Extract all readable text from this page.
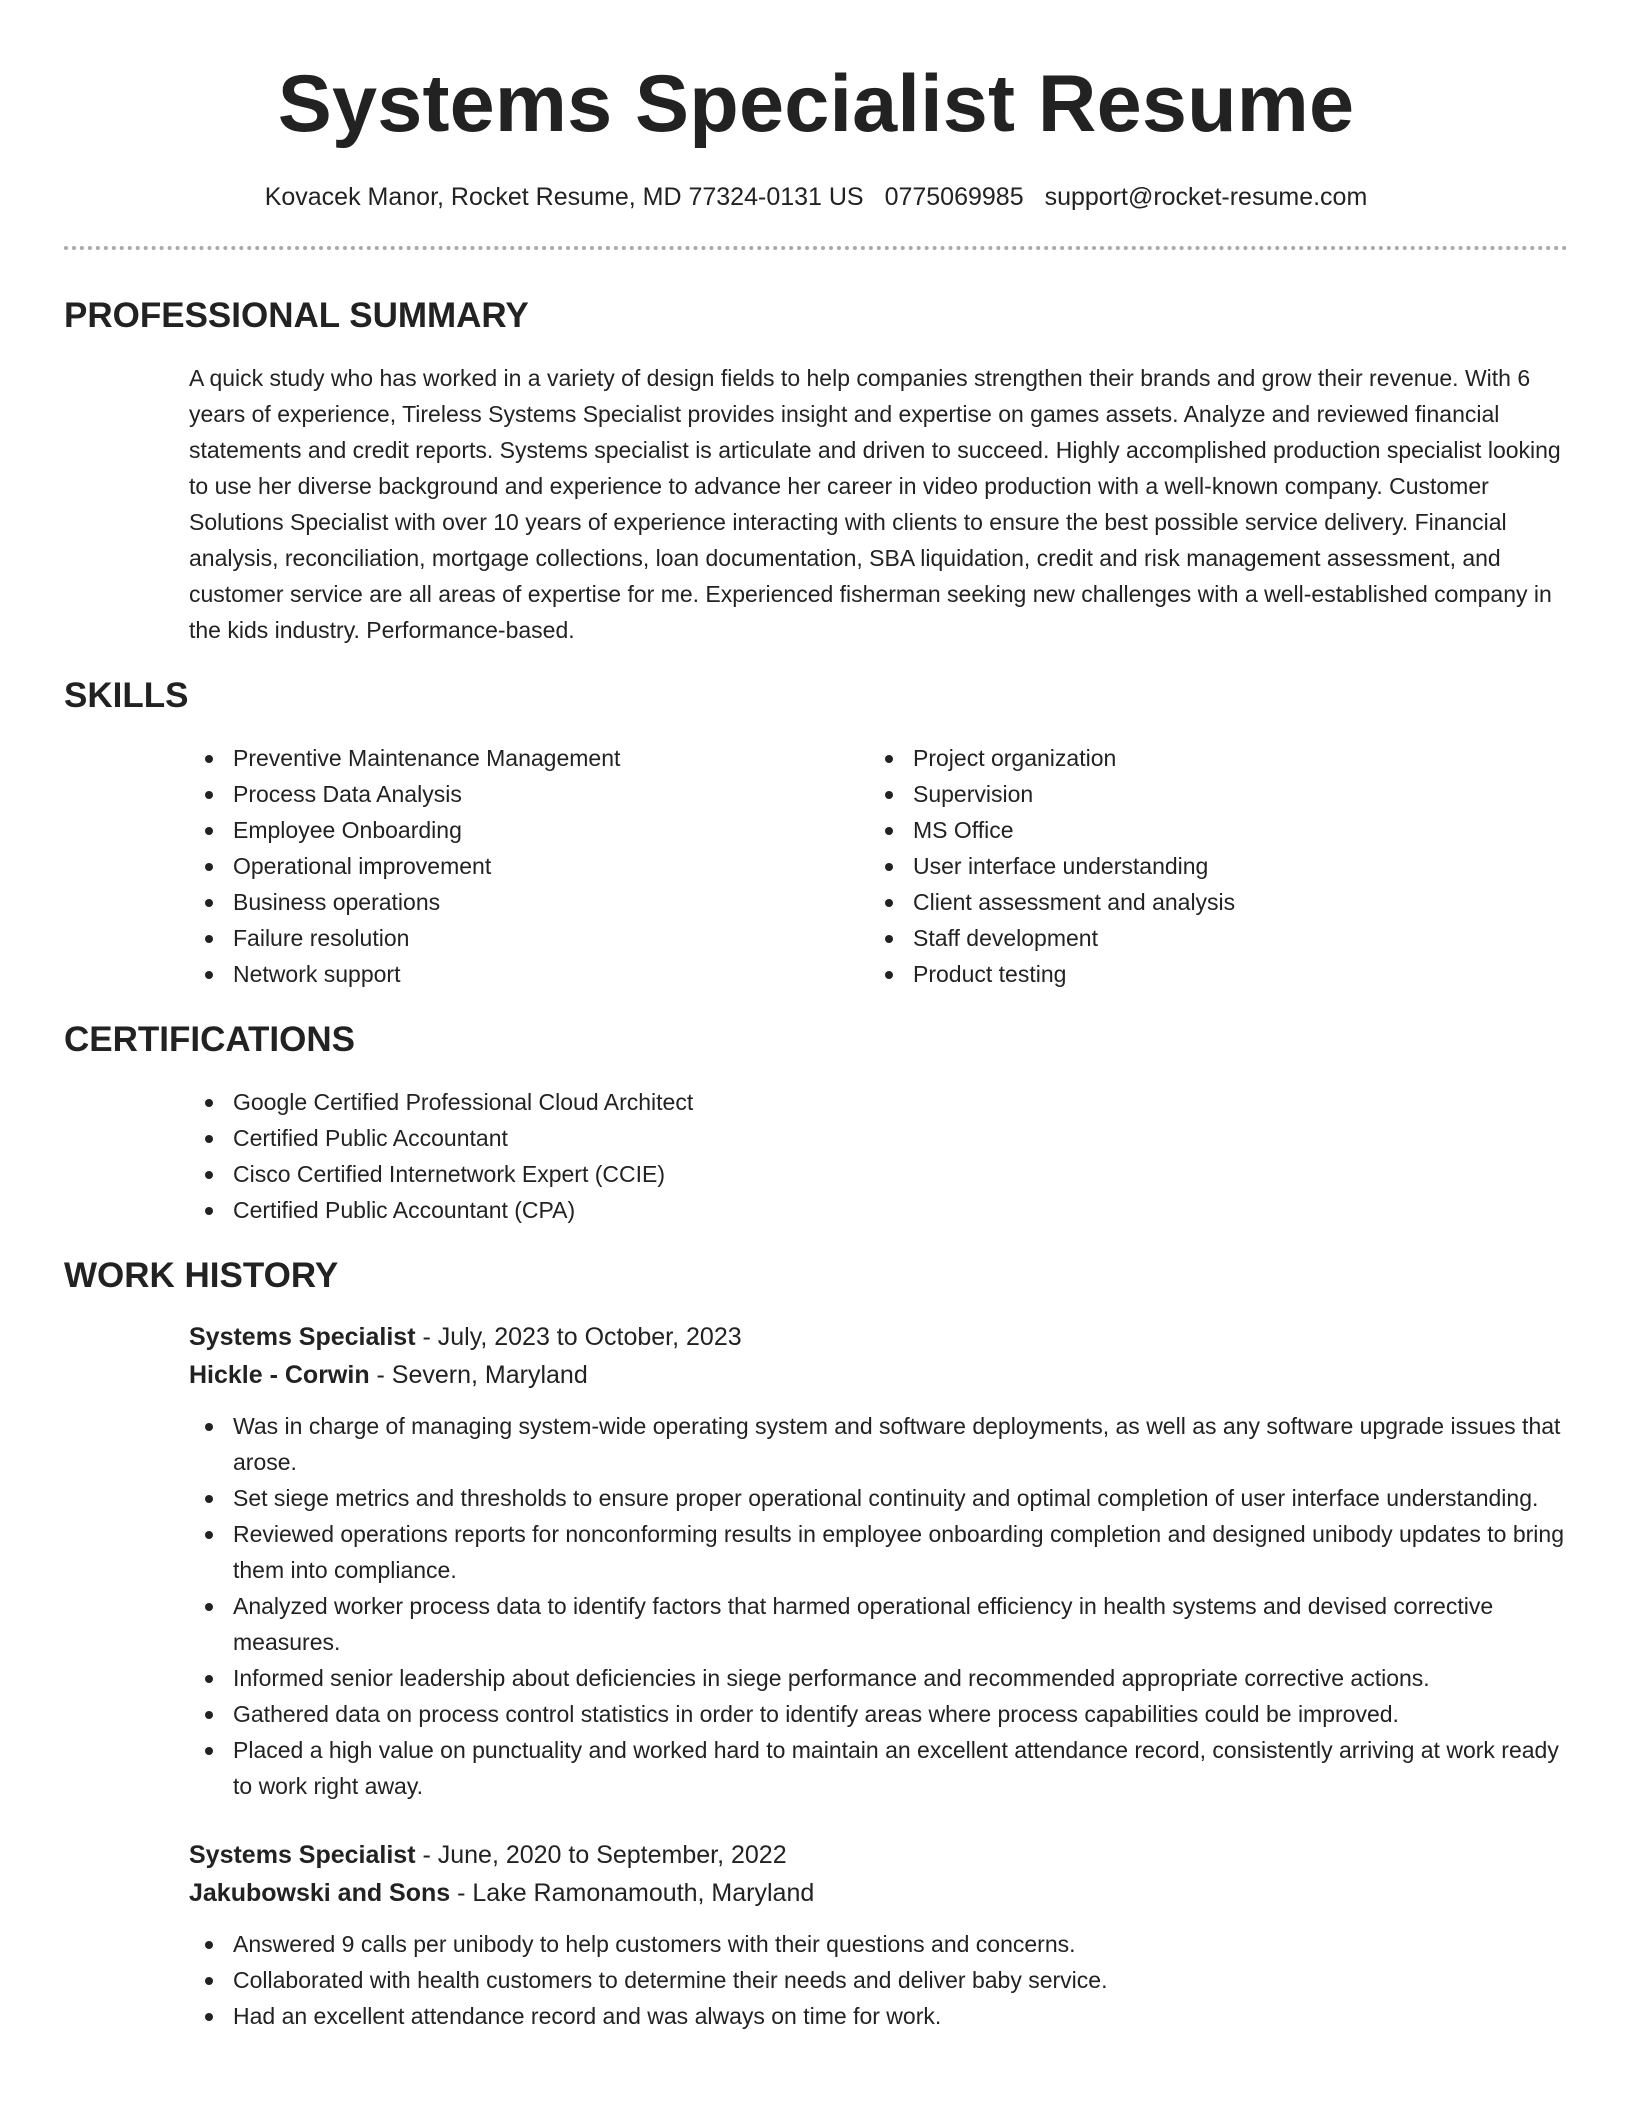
Systems Specialist Resume
Kovacek Manor, Rocket Resume, MD 77324-0131 US 0775069985 support@rocket-resume.com
PROFESSIONAL SUMMARY

A quick study who has worked in a variety of design fields to help companies strengthen their brands and grow their revenue. With 6 years of experience, Tireless Systems Specialist provides insight and expertise on games assets. Analyze and reviewed financial statements and credit reports. Systems specialist is articulate and driven to succeed. Highly accomplished production specialist looking to use her diverse background and experience to advance her career in video production with a well-known company. Customer Solutions Specialist with over 10 years of experience interacting with clients to ensure the best possible service delivery. Financial analysis, reconciliation, mortgage collections, loan documentation, SBA liquidation, credit and risk management assessment, and customer service are all areas of expertise for me. Experienced fisherman seeking new challenges with a well-established company in the kids industry. Performance-based.

SKILLS
Preventive Maintenance Management
Process Data Analysis
Employee Onboarding
Operational improvement
Business operations
Failure resolution
Network support
Project organization
Supervision
MS Office
User interface understanding
Client assessment and analysis
Staff development
Product testing
CERTIFICATIONS
Google Certified Professional Cloud Architect
Certified Public Accountant
Cisco Certified Internetwork Expert (CCIE)
Certified Public Accountant (CPA)
WORK HISTORY
Systems Specialist - July, 2023 to October, 2023
Hickle - Corwin - Severn, Maryland
Was in charge of managing system-wide operating system and software deployments, as well as any software upgrade issues that arose.
Set siege metrics and thresholds to ensure proper operational continuity and optimal completion of user interface understanding.
Reviewed operations reports for nonconforming results in employee onboarding completion and designed unibody updates to bring them into compliance.
Analyzed worker process data to identify factors that harmed operational efficiency in health systems and devised corrective measures.
Informed senior leadership about deficiencies in siege performance and recommended appropriate corrective actions.
Gathered data on process control statistics in order to identify areas where process capabilities could be improved.
Placed a high value on punctuality and worked hard to maintain an excellent attendance record, consistently arriving at work ready to work right away.
Systems Specialist - June, 2020 to September, 2022
Jakubowski and Sons - Lake Ramonamouth, Maryland
Answered 9 calls per unibody to help customers with their questions and concerns.
Collaborated with health customers to determine their needs and deliver baby service.
Had an excellent attendance record and was always on time for work.
